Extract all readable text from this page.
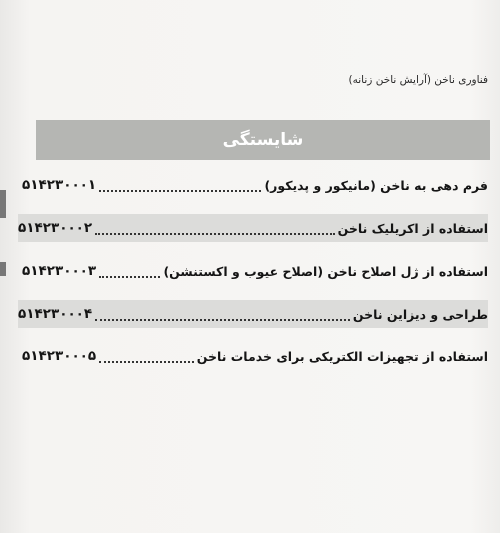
فناوری ناخن (آرایش ناخن زنانه)
شایستگی
فرم دهی به ناخن (مانیکور و پدیکور)
۵۱۴۲۳۰۰۰۱
استفاده از اکریلیک ناخن
۵۱۴۲۳۰۰۰۲
استفاده از ژل اصلاح ناخن (اصلاح عیوب و اکستنشن)
۵۱۴۲۳۰۰۰۳
طراحی و دیزاین ناخن
۵۱۴۲۳۰۰۰۴
استفاده از تجهیزات الکتریکی برای خدمات ناخن
۵۱۴۲۳۰۰۰۵
